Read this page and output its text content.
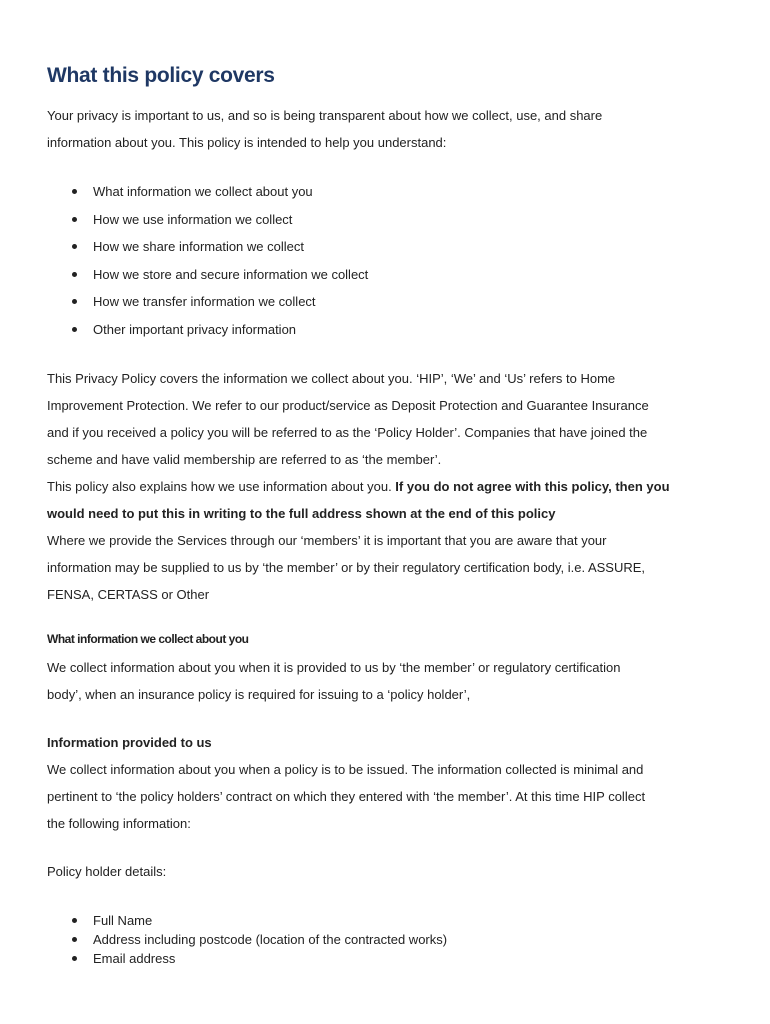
What this policy covers

Your privacy is important to us, and so is being transparent about how we collect, use, and share
information about you. This policy is intended to help you understand:

What information we collect about you
How we use information we collect
How we share information we collect
How we store and secure information we collect
How we transfer information we collect
Other important privacy information

This Privacy Policy covers the information we collect about you. ‘HIP’, ‘We’ and ‘Us’ refers to Home
Improvement Protection. We refer to our product/service as Deposit Protection and Guarantee Insurance
and if you received a policy you will be referred to as the ‘Policy Holder’. Companies that have joined the
scheme and have valid membership are referred to as ‘the member’.
This policy also explains how we use information about you. If you do not agree with this policy, then you
would need to put this in writing to the full address shown at the end of this policy
Where we provide the Services through our ‘members’ it is important that you are aware that your
information may be supplied to us by ‘the member’ or by their regulatory certification body, i.e. ASSURE,
FENSA, CERTASS or Other

What information we collect about you

We collect information about you when it is provided to us by ‘the member’ or regulatory certification
body’, when an insurance policy is required for issuing to a ‘policy holder’,

Information provided to us

We collect information about you when a policy is to be issued. The information collected is minimal and
pertinent to ‘the policy holders’ contract on which they entered with ‘the member’. At this time HIP collect
the following information:

Policy holder details:

Full Name
Address including postcode (location of the contracted works)
Email address
